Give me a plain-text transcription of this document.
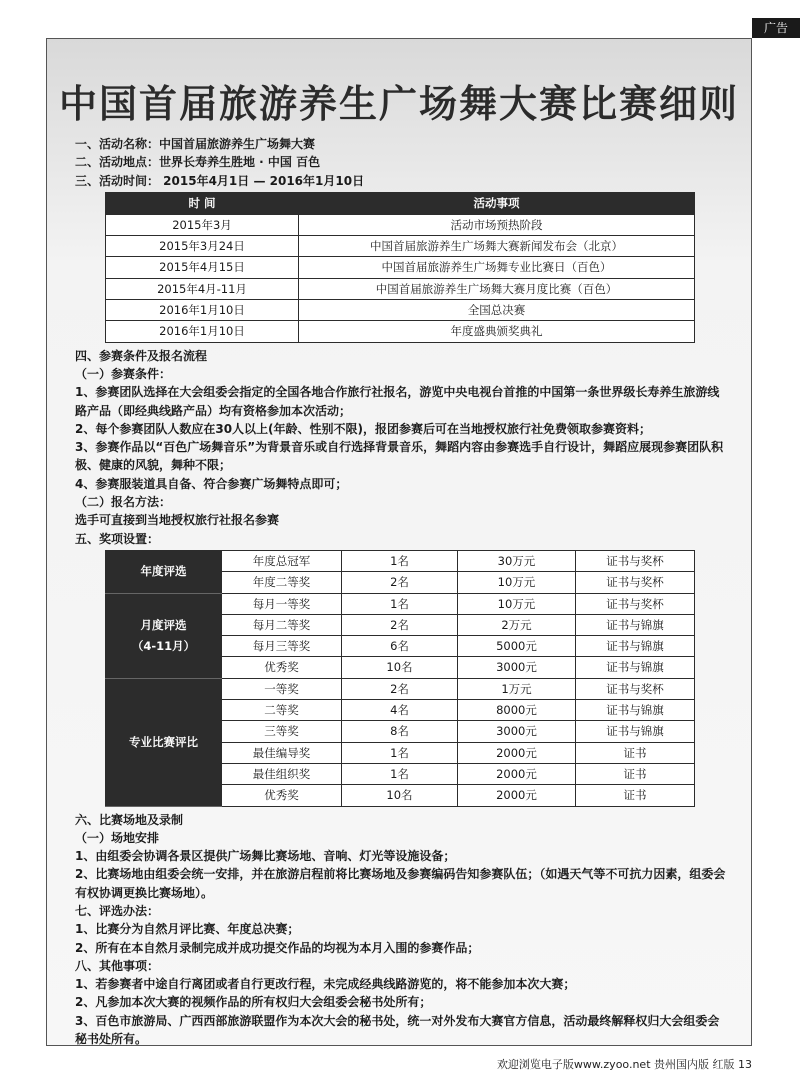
广告
中国首届旅游养生广场舞大赛比赛细则

一、活动名称：中国首届旅游养生广场舞大赛

二、活动地点：世界长寿养生胜地 · 中国 百色

三、活动时间： 2015年4月1日 — 2016年1月10日

时 间	活动事项
2015年3月	活动市场预热阶段
2015年3月24日	中国首届旅游养生广场舞大赛新闻发布会（北京）
2015年4月15日	中国首届旅游养生广场舞专业比赛日（百色）
2015年4月-11月	中国首届旅游养生广场舞大赛月度比赛（百色）
2016年1月10日	全国总决赛
2016年1月10日	年度盛典颁奖典礼

四、参赛条件及报名流程

（一）参赛条件：

1、参赛团队选择在大会组委会指定的全国各地合作旅行社报名，游览中央电视台首推的中国第一条世界级长寿养生旅游线路产品（即经典线路产品）均有资格参加本次活动；

2、每个参赛团队人数应在30人以上(年龄、性别不限)，报团参赛后可在当地授权旅行社免费领取参赛资料；

3、参赛作品以“百色广场舞音乐”为背景音乐或自行选择背景音乐，舞蹈内容由参赛选手自行设计，舞蹈应展现参赛团队积极、健康的风貌，舞种不限；

4、参赛服装道具自备、符合参赛广场舞特点即可；

（二）报名方法：

选手可直接到当地授权旅行社报名参赛

五、奖项设置：

年度评选	年度总冠军	1名	30万元	证书与奖杯
	年度二等奖	2名	10万元	证书与奖杯

月度评选
（4-11月）	每月一等奖	1名	10万元	证书与奖杯
	每月二等奖	2名	2万元	证书与锦旗
	每月三等奖	6名	5000元	证书与锦旗
	优秀奖	10名	3000元	证书与锦旗

专业比赛评比	一等奖	2名	1万元	证书与奖杯
	二等奖	4名	8000元	证书与锦旗
	三等奖	8名	3000元	证书与锦旗
	最佳编导奖	1名	2000元	证书
	最佳组织奖	1名	2000元	证书
	优秀奖	10名	2000元	证书

六、比赛场地及录制

（一）场地安排

1、由组委会协调各景区提供广场舞比赛场地、音响、灯光等设施设备；

2、比赛场地由组委会统一安排，并在旅游启程前将比赛场地及参赛编码告知参赛队伍；（如遇天气等不可抗力因素，组委会有权协调更换比赛场地）。

七、评选办法：

1、比赛分为自然月评比赛、年度总决赛；

2、所有在本自然月录制完成并成功提交作品的均视为本月入围的参赛作品；

八、其他事项：

1、若参赛者中途自行离团或者自行更改行程，未完成经典线路游览的，将不能参加本次大赛；

2、凡参加本次大赛的视频作品的所有权归大会组委会秘书处所有；

3、百色市旅游局、广西西部旅游联盟作为本次大会的秘书处，统一对外发布大赛官方信息，活动最终解释权归大会组委会秘书处所有。

欢迎浏览电子版www.zyoo.net 贵州国内版 红版 13
